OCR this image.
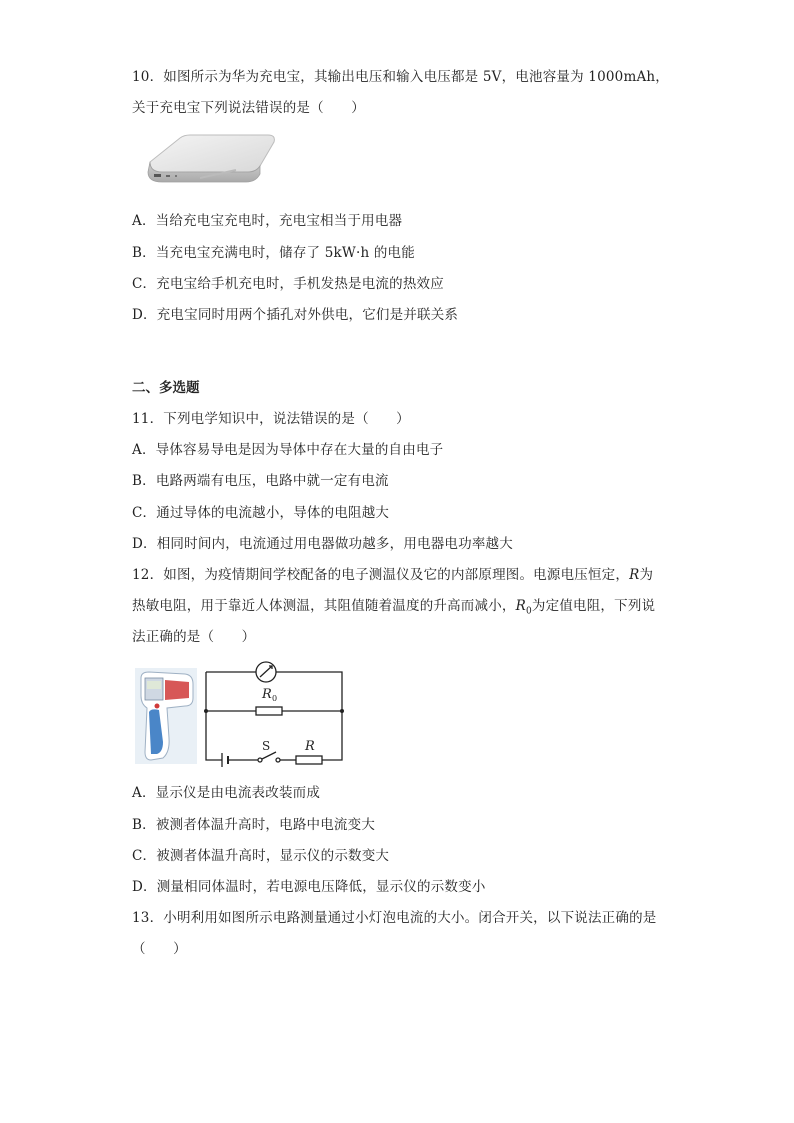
10．如图所示为华为充电宝，其输出电压和输入电压都是 5V，电池容量为 1000mAh，
关于充电宝下列说法错误的是（　　）
A．当给充电宝充电时，充电宝相当于用电器
B．当充电宝充满电时，储存了 5kW·h 的电能
C．充电宝给手机充电时，手机发热是电流的热效应
D．充电宝同时用两个插孔对外供电，它们是并联关系
二、多选题
11．下列电学知识中，说法错误的是（　　）
A．导体容易导电是因为导体中存在大量的自由电子
B．电路两端有电压，电路中就一定有电流
C．通过导体的电流越小，导体的电阻越大
D．相同时间内，电流通过用电器做功越多，用电器电功率越大
12．如图，为疫情期间学校配备的电子测温仪及它的内部原理图。电源电压恒定，R为
热敏电阻，用于靠近人体测温，其阻值随着温度的升高而减小，$R_0$为定值电阻，下列说
法正确的是（　　）
R 0
S	R
A．显示仪是由电流表改装而成
B．被测者体温升高时，电路中电流变大
C．被测者体温升高时，显示仪的示数变大
D．测量相同体温时，若电源电压降低，显示仪的示数变小
13．小明利用如图所示电路测量通过小灯泡电流的大小。闭合开关，以下说法正确的是
（　　）
